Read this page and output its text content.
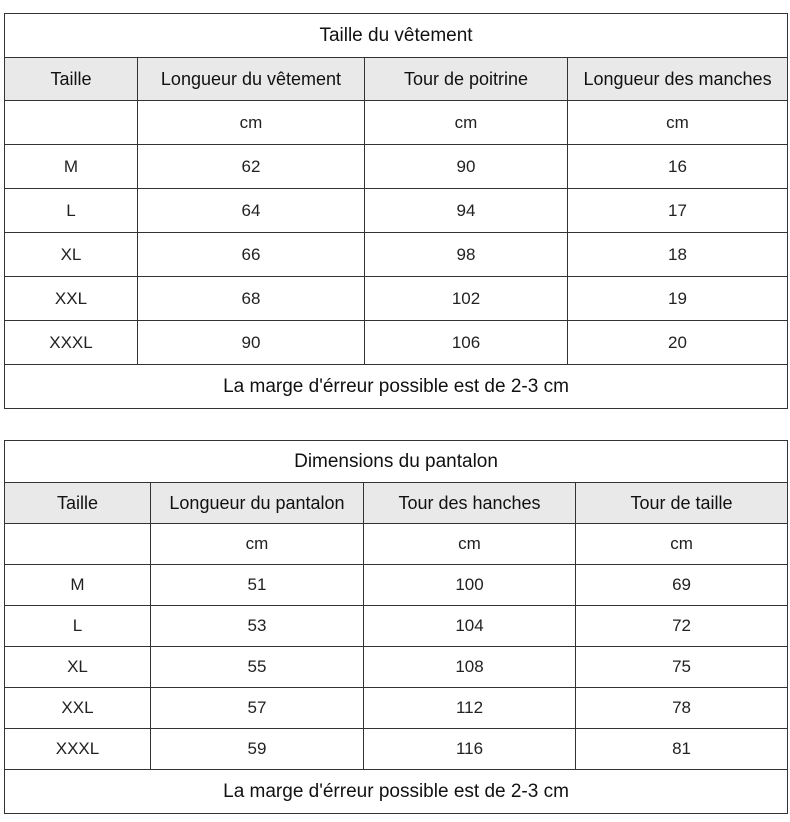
Taille du vêtement			
Taille	Longueur du vêtement	Tour de poitrine	Longueur des manches
	cm	cm	cm
M	62	90	16
L	64	94	17
XL	66	98	18
XXL	68	102	19
XXXL	90	106	20
La marge d'érreur possible est de 2-3 cm			
Dimensions du pantalon			
Taille	Longueur du pantalon	Tour des hanches	Tour de taille
	cm	cm	cm
M	51	100	69
L	53	104	72
XL	55	108	75
XXL	57	112	78
XXXL	59	116	81
La marge d'érreur possible est de 2-3 cm			
